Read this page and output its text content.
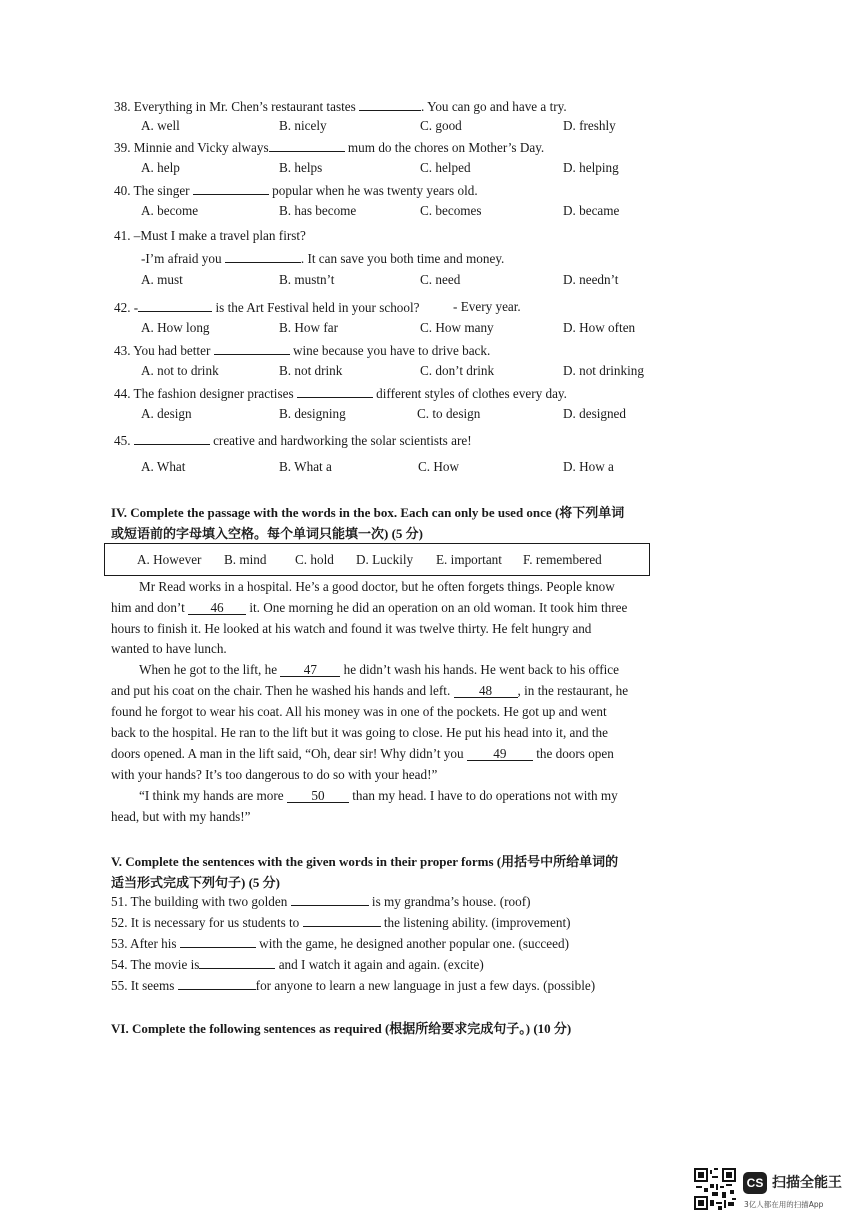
38. Everything in Mr. Chen’s restaurant tastes	. You can go and have a try.
A. well	B. nicely	C. good	D. freshly
39. Minnie and Vicky always	mum do the chores on Mother’s Day.
A. help	B. helps	C. helped	D. helping
40. The singer	popular when he was twenty years old.
A. become	B. has become	C. becomes	D. became
41. –Must I make a travel plan first?
-I’m afraid you	. It can save you both time and money.
A. must	B. mustn’t	C. need	D. needn’t
42. -	is the Art Festival held in your school?	- Every year.
A. How long	B. How far	C. How many	D. How often
43. You had better	wine because you have to drive back.
A. not to drink	B. not drink	C. don’t drink	D. not drinking
44. The fashion designer practises	different styles of clothes every day.
A. design	B. designing	C. to design	D. designed
45.	creative and hardworking the solar scientists are!
A. What	B. What a	C. How	D. How a
IV. Complete the passage with the words in the box. Each can only be used once (将下列单词
或短语前的字母填入空格。每个单词只能填一次) (5 分)
A. However B. mind C. hold D. Luckily E. important F. remembered
Mr Read works in a hospital. He’s a good doctor, but he often forgets things. People know
him and don’t 46 it. One morning he did an operation on an old woman. It took him three
hours to finish it. He looked at his watch and found it was twelve thirty. He felt hungry and
wanted to have lunch.
When he got to the lift, he 47 he didn’t wash his hands. He went back to his office
and put his coat on the chair. Then he washed his hands and left. 48 , in the restaurant, he
found he forgot to wear his coat. All his money was in one of the pockets. He got up and went
back to the hospital. He ran to the lift but it was going to close. He put his head into it, and the
doors opened. A man in the lift said, “Oh, dear sir! Why didn’t you 49 the doors open
with your hands? It’s too dangerous to do so with your head!”
“I think my hands are more 50 than my head. I have to do operations not with my
head, but with my hands!”
V. Complete the sentences with the given words in their proper forms (用括号中所给单词的
适当形式完成下列句子) (5 分)
51. The building with two golden	is my grandma’s house. (roof)
52. It is necessary for us students to	the listening ability. (improvement)
53. After his	with the game, he designed another popular one. (succeed)
54. The movie is	and I watch it again and again. (excite)
55. It seems	for anyone to learn a new language in just a few days. (possible)
VI. Complete the following sentences as required (根据所给要求完成句子。) (10 分)
CS 扫描全能王
3亿人都在用的扫描App
